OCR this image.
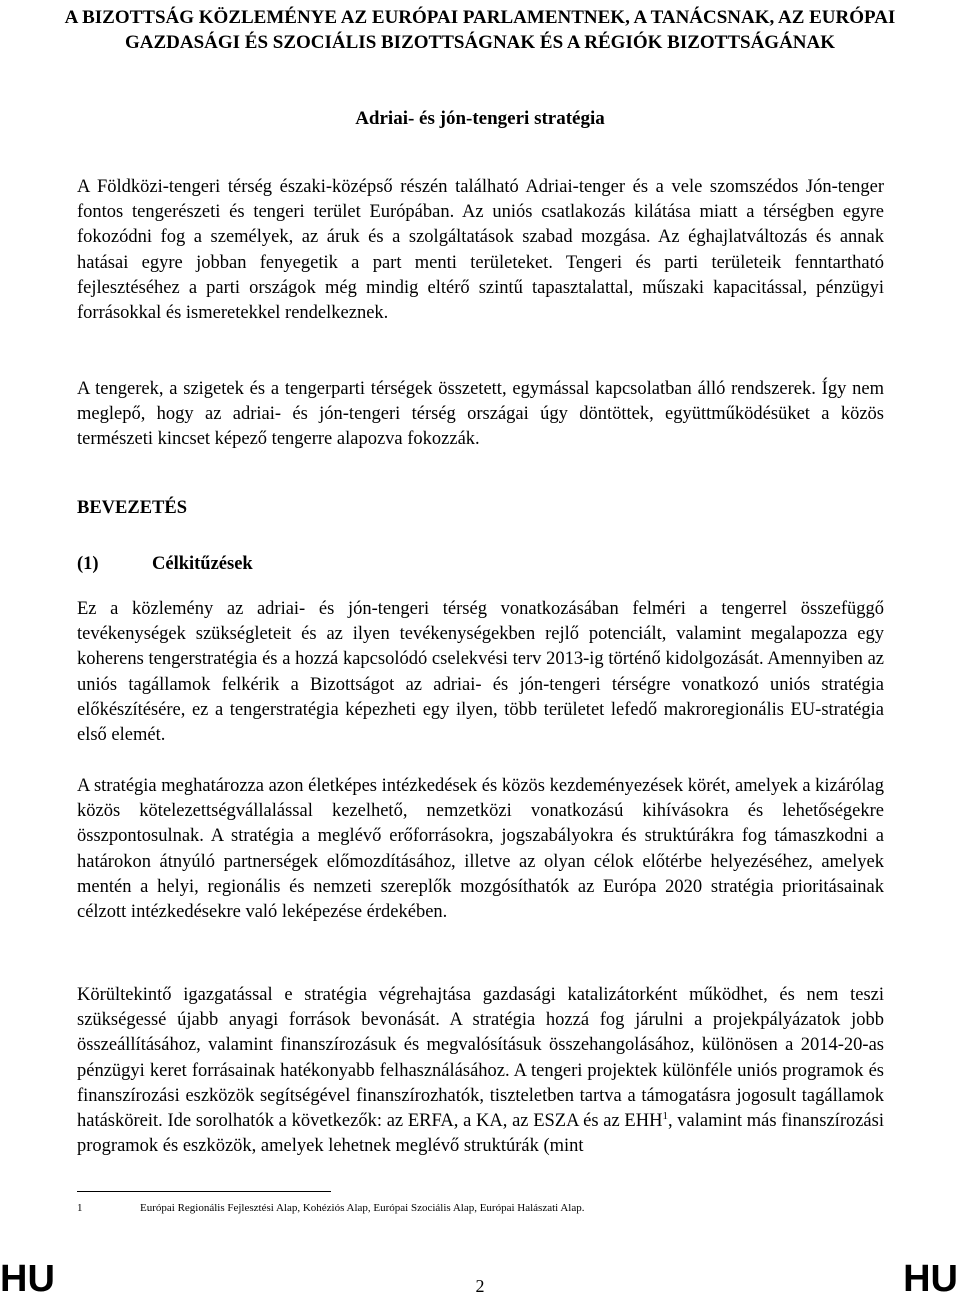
A BIZOTTSÁG KÖZLEMÉNYE AZ EURÓPAI PARLAMENTNEK, A TANÁCSNAK, AZ EURÓPAI GAZDASÁGI ÉS SZOCIÁLIS BIZOTTSÁGNAK ÉS A RÉGIÓK BIZOTTSÁGÁNAK
Adriai- és jón-tengeri stratégia

A Földközi-tengeri térség északi-középső részén található Adriai-tenger és a vele szomszédos Jón-tenger fontos tengerészeti és tengeri terület Európában. Az uniós csatlakozás kilátása miatt a térségben egyre fokozódni fog a személyek, az áruk és a szolgáltatások szabad mozgása. Az éghajlatváltozás és annak hatásai egyre jobban fenyegetik a part menti területeket. Tengeri és parti területeik fenntartható fejlesztéséhez a parti országok még mindig eltérő szintű tapasztalattal, műszaki kapacitással, pénzügyi forrásokkal és ismeretekkel rendelkeznek.

A tengerek, a szigetek és a tengerparti térségek összetett, egymással kapcsolatban álló rendszerek. Így nem meglepő, hogy az adriai- és jón-tengeri térség országai úgy döntöttek, együttműködésüket a közös természeti kincset képező tengerre alapozva fokozzák.

BEVEZETÉS
(1)	Célkitűzések

Ez a közlemény az adriai- és jón-tengeri térség vonatkozásában felméri a tengerrel összefüggő tevékenységek szükségleteit és az ilyen tevékenységekben rejlő potenciált, valamint megalapozza egy koherens tengerstratégia és a hozzá kapcsolódó cselekvési terv 2013-ig történő kidolgozását. Amennyiben az uniós tagállamok felkérik a Bizottságot az adriai- és jón-tengeri térségre vonatkozó uniós stratégia előkészítésére, ez a tengerstratégia képezheti egy ilyen, több területet lefedő makroregionális EU-stratégia első elemét.

A stratégia meghatározza azon életképes intézkedések és közös kezdeményezések körét, amelyek a kizárólag közös kötelezettségvállalással kezelhető, nemzetközi vonatkozású kihívásokra és lehetőségekre összpontosulnak. A stratégia a meglévő erőforrásokra, jogszabályokra és struktúrákra fog támaszkodni a határokon átnyúló partnerségek előmozdításához, illetve az olyan célok előtérbe helyezéséhez, amelyek mentén a helyi, regionális és nemzeti szereplők mozgósíthatók az Európa 2020 stratégia prioritásainak célzott intézkedésekre való leképezése érdekében.

Körültekintő igazgatással e stratégia végrehajtása gazdasági katalizátorként működhet, és nem teszi szükségessé újabb anyagi források bevonását. A stratégia hozzá fog járulni a projekpályázatok jobb összeállításához, valamint finanszírozásuk és megvalósításuk összehangolásához, különösen a 2014-20-as pénzügyi keret forrásainak hatékonyabb felhasználásához. A tengeri projektek különféle uniós programok és finanszírozási eszközök segítségével finanszírozhatók, tiszteletben tartva a támogatásra jogosult tagállamok hatásköreit. Ide sorolhatók a következők: az ERFA, a KA, az ESZA és az EHH$^1$, valamint más finanszírozási programok és eszközök, amelyek lehetnek meglévő struktúrák (mint

1	Európai Regionális Fejlesztési Alap, Kohéziós Alap, Európai Szociális Alap, Európai Halászati Alap.
HU	2	HU
